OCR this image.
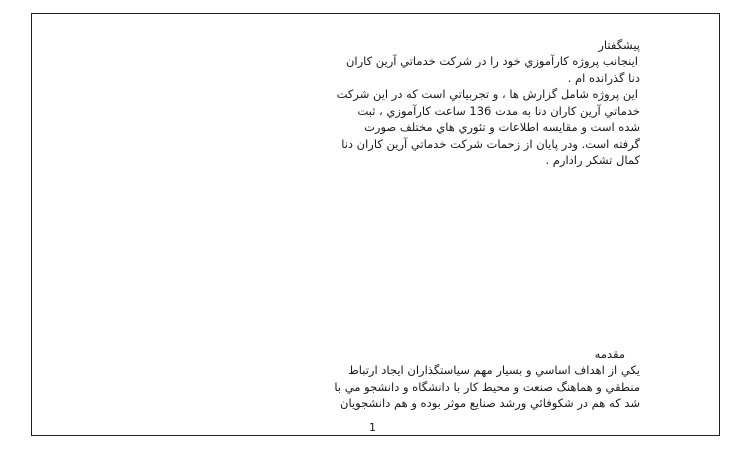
پیشگفتار
اینجانب پروژه کارآموزي خود را در شرکت خدماتي آرين کاران
دنا گذرانده ام .
اين پروژه شامل گزارش ها ، و تجربياتي است که در اين شرکت
خدماتي آرين کاران دنا به مدت 136 ساعت کارآموزي ، ثبت
شده است و مقايسه اطلاعات و تئوري هاي مختلف صورت
گرفته است. ودر پايان از زحمات شرکت خدماتي آرين کاران دنا
کمال تشکر رادارم .
مقدمه
يکي از اهداف اساسي و بسيار مهم سياستگذاران ايجاد ارتباط
منطقي و هماهنگ صنعت و محيط کار با دانشگاه و دانشجو مي با
شد که هم در شکوفائي ورشد صنايع موثر بوده و هم دانشجويان
1
